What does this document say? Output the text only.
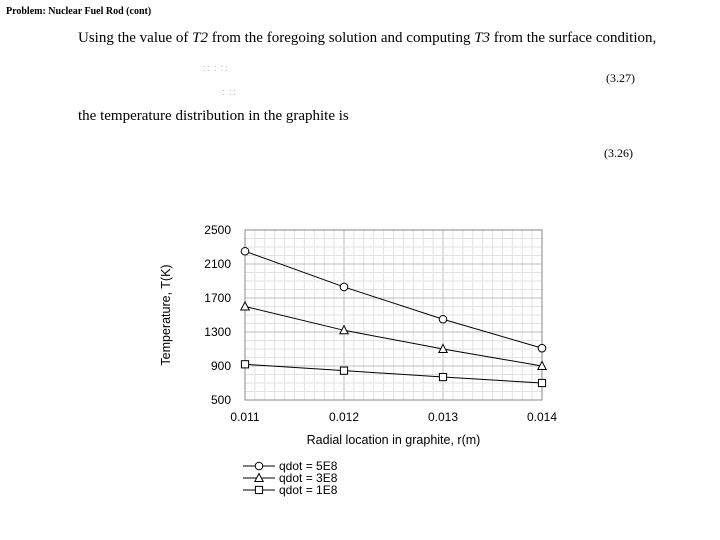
Problem: Nuclear Fuel Rod (cont)
Using the value of T2 from the foregoing solution and computing T3 from the surface condition,
∷ ∶ ∷
∶ ∷
(3.27)
the temperature distribution in the graphite is
(3.26)
500
900
1300
1700
2100
2500
0.011	0.012	0.013	0.014
Radial location in graphite, r(m)
Temperature, T(K)
qdot = 5E8
qdot = 3E8
qdot = 1E8
